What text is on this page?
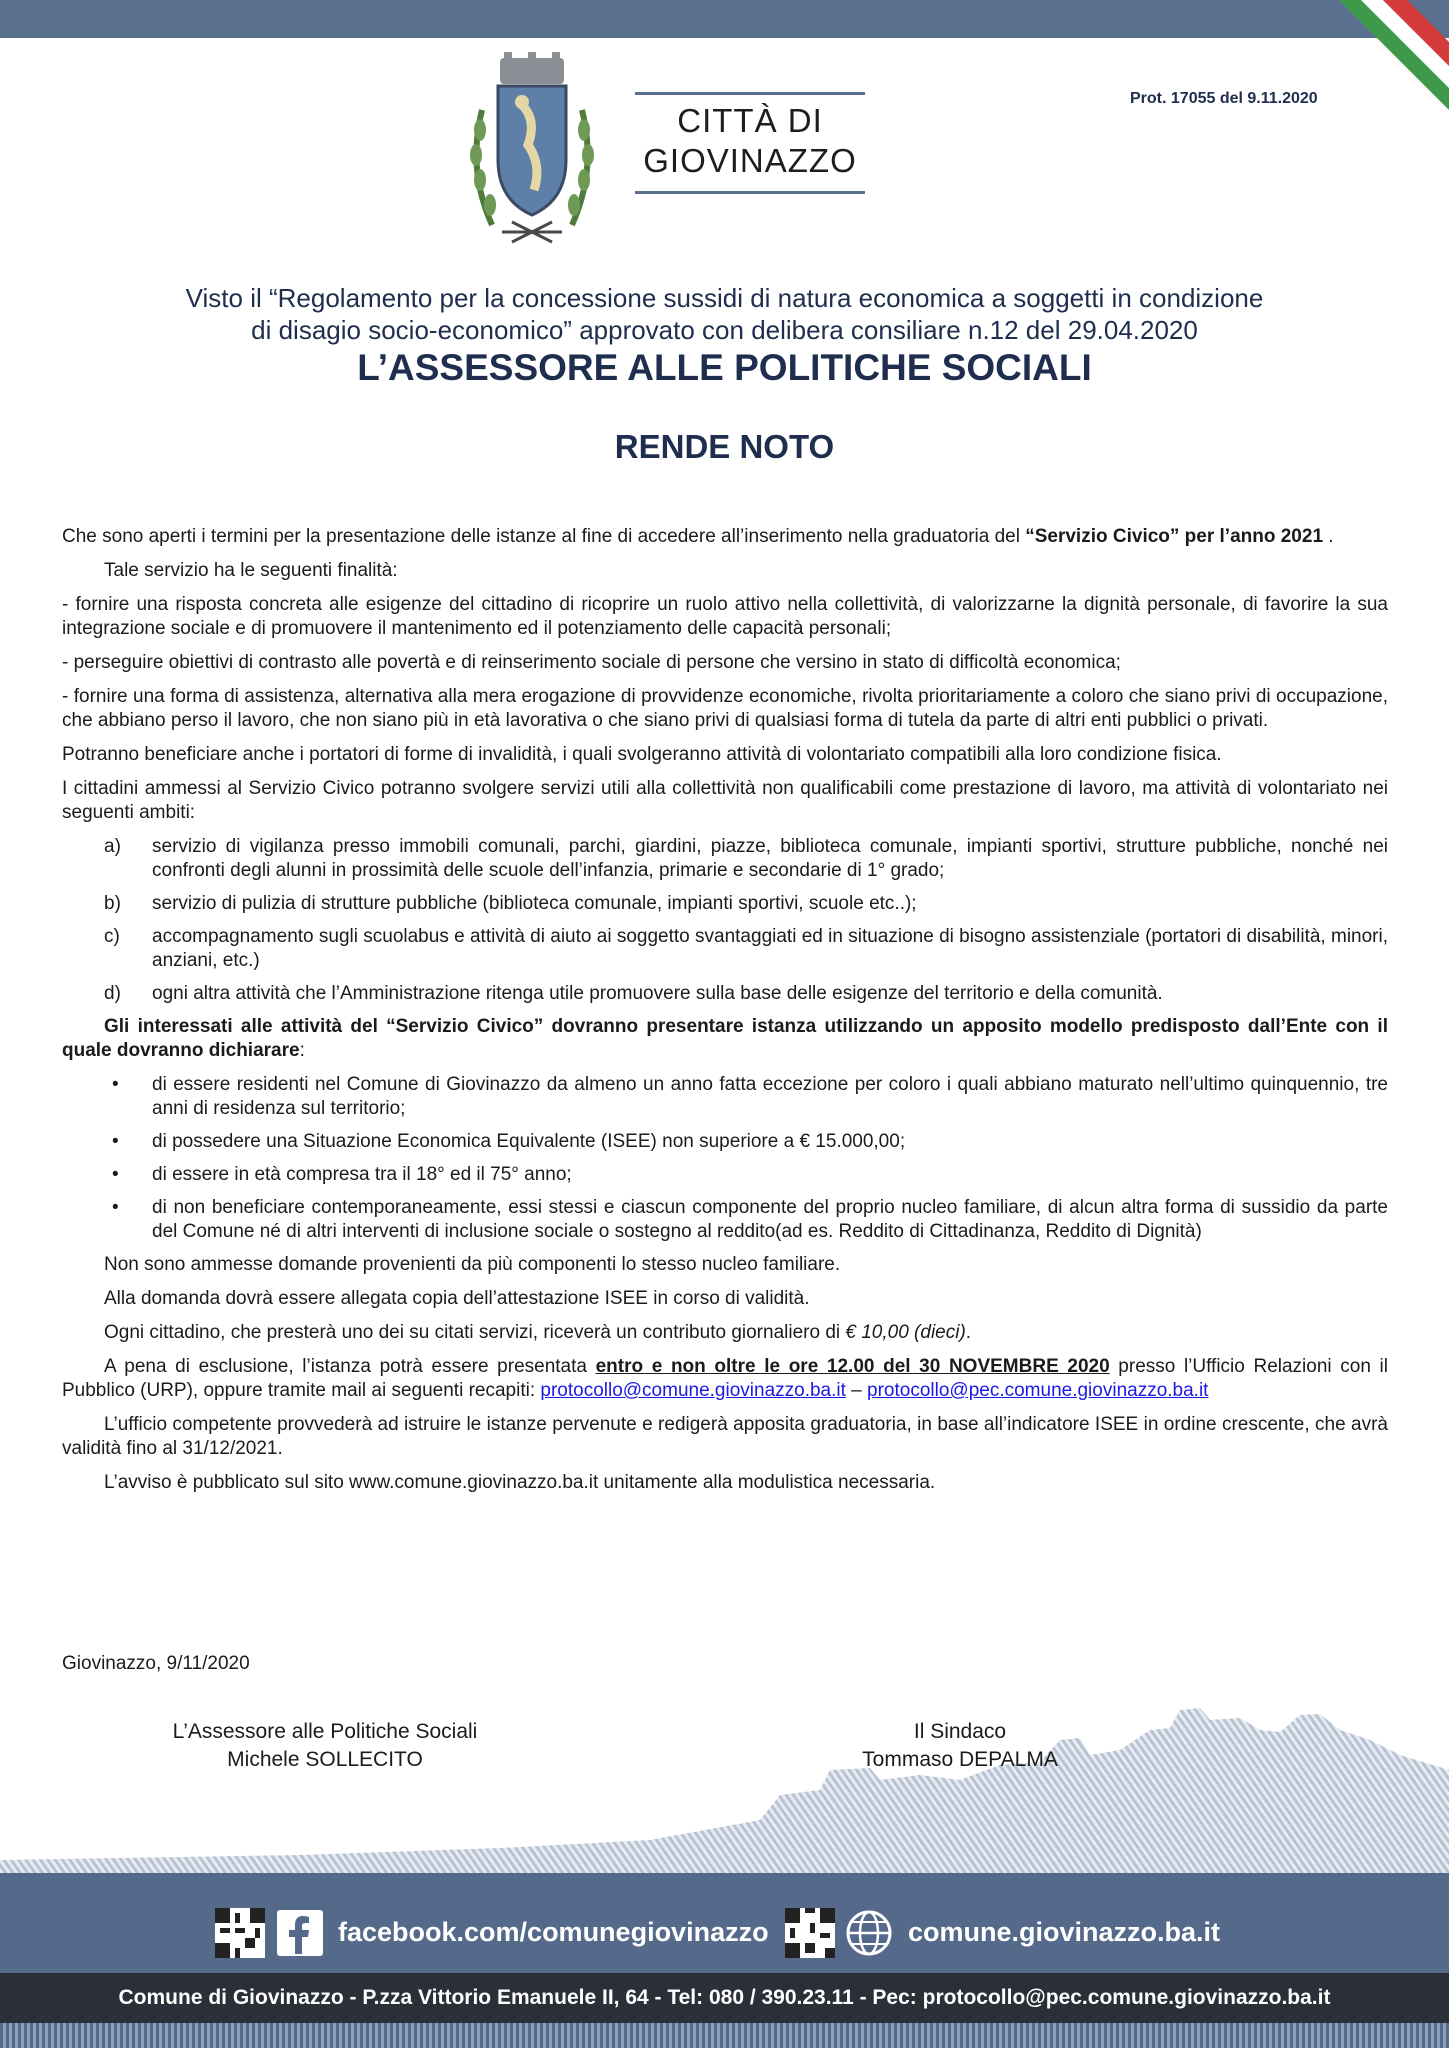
CITTÀ DI
GIOVINAZZO
Prot. 17055 del 9.11.2020
Visto il “Regolamento per la concessione sussidi di natura economica a soggetti in condizione
di disagio socio-economico” approvato con delibera consiliare n.12 del 29.04.2020
L’ASSESSORE ALLE POLITICHE SOCIALI
RENDE NOTO

Che sono aperti i termini per la presentazione delle istanze al fine di accedere all’inserimento nella graduatoria del “Servizio Civico” per l’anno 2021 .

Tale servizio ha le seguenti finalità:

- fornire una risposta concreta alle esigenze del cittadino di ricoprire un ruolo attivo nella collettività, di valorizzarne la dignità personale, di favorire la sua integrazione sociale e di promuovere il mantenimento ed il potenziamento delle capacità personali;

- perseguire obiettivi di contrasto alle povertà e di reinserimento sociale di persone che versino in stato di difficoltà economica;

- fornire una forma di assistenza, alternativa alla mera erogazione di provvidenze economiche, rivolta prioritariamente a coloro che siano privi di occupazione, che abbiano perso il lavoro, che non siano più in età lavorativa o che siano privi di qualsiasi forma di tutela da parte di altri enti pubblici o privati.

Potranno beneficiare anche i portatori di forme di invalidità, i quali svolgeranno attività di volontariato compatibili alla loro condizione fisica.

I cittadini ammessi al Servizio Civico potranno svolgere servizi utili alla collettività non qualificabili come prestazione di lavoro, ma attività di volontariato nei seguenti ambiti:

a)	servizio di vigilanza presso immobili comunali, parchi, giardini, piazze, biblioteca comunale, impianti sportivi, strutture pubbliche, nonché nei confronti degli alunni in prossimità delle scuole dell’infanzia, primarie e secondarie di 1° grado;
b)	servizio di pulizia di strutture pubbliche (biblioteca comunale, impianti sportivi, scuole etc..);
c)	accompagnamento sugli scuolabus e attività di aiuto ai soggetto svantaggiati ed in situazione di bisogno assistenziale (portatori di disabilità, minori, anziani, etc.)
d)	ogni altra attività che l’Amministrazione ritenga utile promuovere sulla base delle esigenze del territorio e della comunità.

Gli interessati alle attività del “Servizio Civico” dovranno presentare istanza utilizzando un apposito modello predisposto dall’Ente con il quale dovranno dichiarare:

•	di essere residenti nel Comune di Giovinazzo da almeno un anno fatta eccezione per coloro i quali abbiano maturato nell’ultimo quinquennio, tre anni di residenza sul territorio;
•	di possedere una Situazione Economica Equivalente (ISEE) non superiore a € 15.000,00;
•	di essere in età compresa tra il 18° ed il 75° anno;
•	di non beneficiare contemporaneamente, essi stessi e ciascun componente del proprio nucleo familiare, di alcun altra forma di sussidio da parte del Comune né di altri interventi di inclusione sociale o sostegno al reddito(ad es. Reddito di Cittadinanza, Reddito di Dignità)

Non sono ammesse domande provenienti da più componenti lo stesso nucleo familiare.

Alla domanda dovrà essere allegata copia dell’attestazione ISEE in corso di validità.

Ogni cittadino, che presterà uno dei su citati servizi, riceverà un contributo giornaliero di € 10,00 (dieci).

A pena di esclusione, l’istanza potrà essere presentata entro e non oltre le ore 12.00 del 30 NOVEMBRE 2020 presso l’Ufficio Relazioni con il Pubblico (URP), oppure tramite mail ai seguenti recapiti: protocollo@comune.giovinazzo.ba.it – protocollo@pec.comune.giovinazzo.ba.it

L’ufficio competente provvederà ad istruire le istanze pervenute e redigerà apposita graduatoria, in base all’indicatore ISEE in ordine crescente, che avrà validità fino al 31/12/2021.

L’avviso è pubblicato sul sito www.comune.giovinazzo.ba.it unitamente alla modulistica necessaria.

Giovinazzo, 9/11/2020
L’Assessore alle Politiche Sociali
Michele SOLLECITO
Il Sindaco
Tommaso DEPALMA
facebook.com/comunegiovinazzo	comune.giovinazzo.ba.it
Comune di Giovinazzo - P.zza Vittorio Emanuele II, 64 - Tel: 080 / 390.23.11 - Pec: protocollo@pec.comune.giovinazzo.ba.it
